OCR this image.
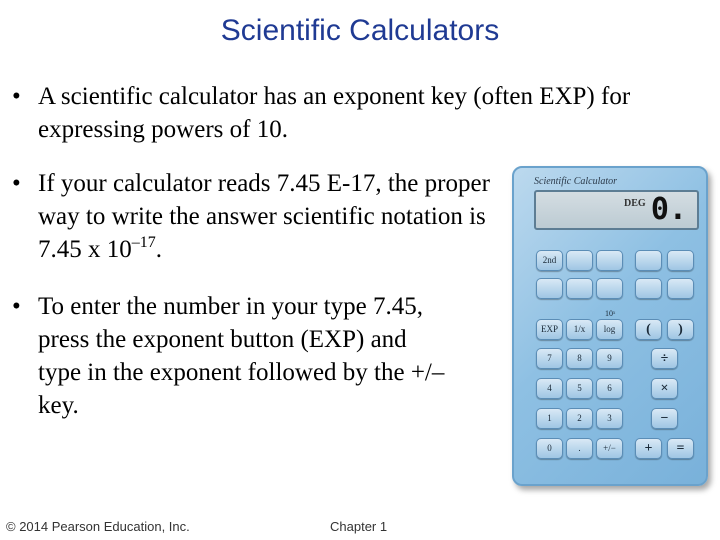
Scientific Calculators
• A scientific calculator has an exponent key (often EXP) for expressing powers of 10.
• If your calculator reads 7.45 E-17, the proper way to write the answer scientific notation is 7.45 x $10^{-17}$.
• To enter the number in your type 7.45, press the exponent button (EXP) and type in the exponent followed by the +/– key.
Scientific Calculator
DEG 0.
10ˣ
2nd
EXP	1/x	log	(	)
7	8	9	÷
4	5	6	×
1	2	3	−
0	.	+/−	+	=
© 2014 Pearson Education, Inc.	Chapter 1
